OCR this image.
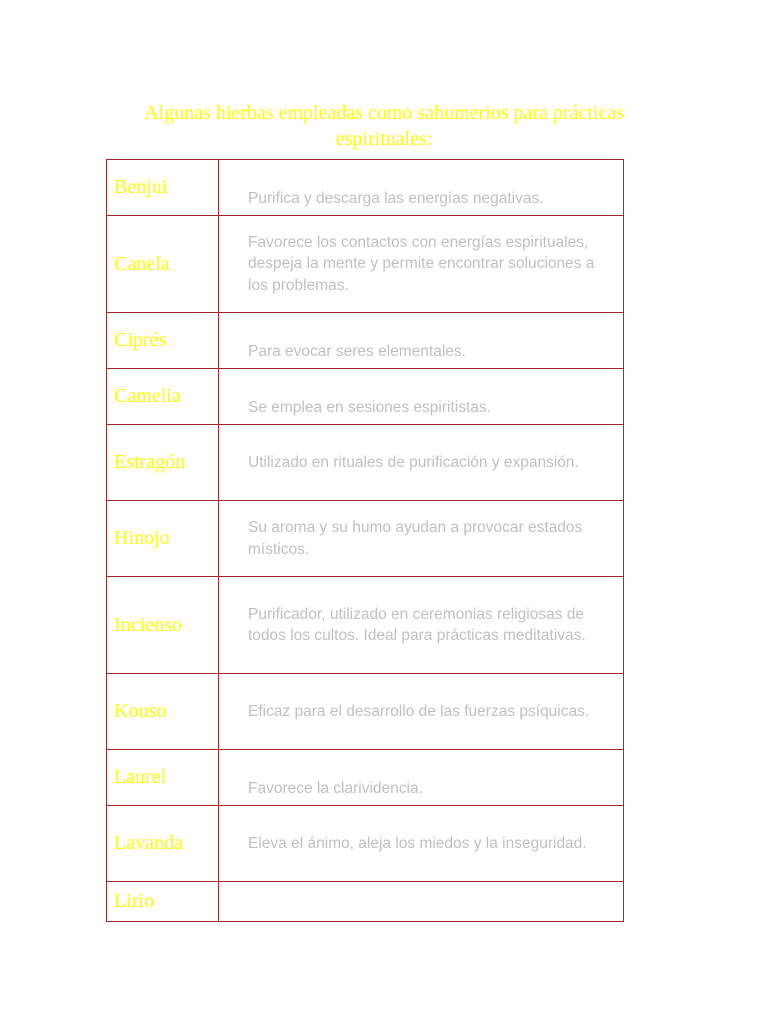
Algunas hierbas empleadas como sahumerios para prácticas
espirituales:
Benjui	Purifica y descarga las energías negativas.
Canela	Favorece los contactos con energías espirituales, despeja la mente y permite encontrar soluciones a los problemas.
Ciprés	Para evocar seres elementales.
Camelia	Se emplea en sesiones espiritistas.
Estragón	Utilizado en rituales de purificación y expansión.
Hinojo	Su aroma y su humo ayudan a provocar estados místicos.
Incienso	Purificador, utilizado en ceremonias religiosas de todos los cultos. Ideal para prácticas meditativas.
Kouso	Eficaz para el desarrollo de las fuerzas psíquicas.
Laurel	Favorece la clarividencia.
Lavanda	Eleva el ánimo, aleja los miedos y la inseguridad.
Lirio	
